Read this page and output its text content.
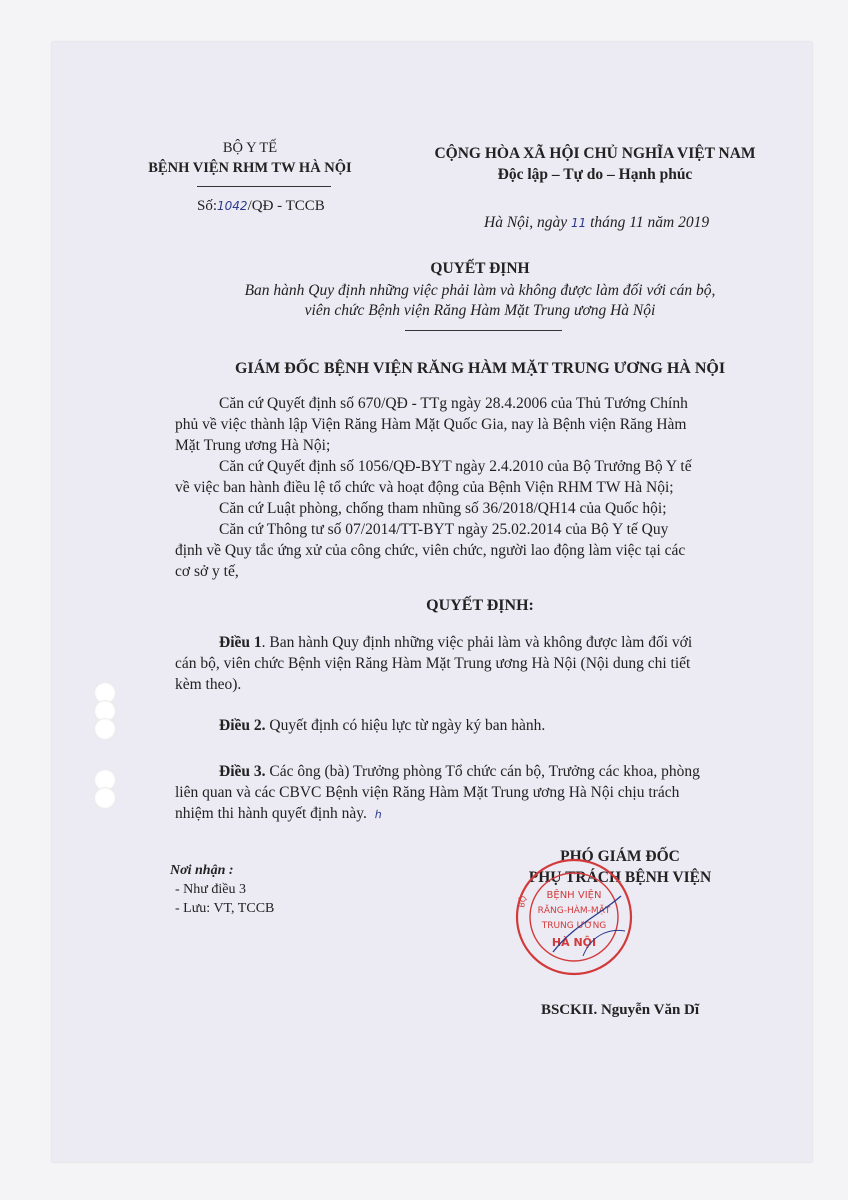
BỘ Y TẾ
BỆNH VIỆN RHM TW HÀ NỘI
Số:1042/QĐ - TCCB
CỘNG HÒA XÃ HỘI CHỦ NGHĨA VIỆT NAM
Độc lập – Tự do – Hạnh phúc
Hà Nội, ngày 11 tháng 11 năm 2019
QUYẾT ĐỊNH
Ban hành Quy định những việc phải làm và không được làm đối với cán bộ,
viên chức Bệnh viện Răng Hàm Mặt Trung ương Hà Nội
GIÁM ĐỐC BỆNH VIỆN RĂNG HÀM MẶT TRUNG ƯƠNG HÀ NỘI
Căn cứ Quyết định số 670/QĐ - TTg ngày 28.4.2006 của Thủ Tướng Chính
phủ về việc thành lập Viện Răng Hàm Mặt Quốc Gia, nay là Bệnh viện Răng Hàm
Mặt Trung ương Hà Nội;
Căn cứ Quyết định số 1056/QĐ-BYT ngày 2.4.2010 của Bộ Trưởng Bộ Y tế
về việc ban hành điều lệ tổ chức và hoạt động của Bệnh Viện RHM TW Hà Nội;
Căn cứ Luật phòng, chống tham nhũng số 36/2018/QH14 của Quốc hội;
Căn cứ Thông tư số 07/2014/TT-BYT ngày 25.02.2014 của Bộ Y tế Quy
định về Quy tắc ứng xử của công chức, viên chức, người lao động làm việc tại các
cơ sở y tế,
QUYẾT ĐỊNH:
Điều 1. Ban hành Quy định những việc phải làm và không được làm đối với
cán bộ, viên chức Bệnh viện Răng Hàm Mặt Trung ương Hà Nội (Nội dung chi tiết
kèm theo).
Điều 2. Quyết định có hiệu lực từ ngày ký ban hành.
Điều 3. Các ông (bà) Trưởng phòng Tổ chức cán bộ, Trưởng các khoa, phòng
liên quan và các CBVC Bệnh viện Răng Hàm Mặt Trung ương Hà Nội chịu trách
nhiệm thi hành quyết định này. ℎ
Nơi nhận :
- Như điều 3
- Lưu: VT, TCCB
PHÓ GIÁM ĐỐC
PHỤ TRÁCH BỆNH VIỆN
BỆNH VIỆN
RĂNG-HÀM-MẶT
TRUNG ƯƠNG
HÀ NỘI
BỘ
BSCKII. Nguyễn Văn Dĩ
